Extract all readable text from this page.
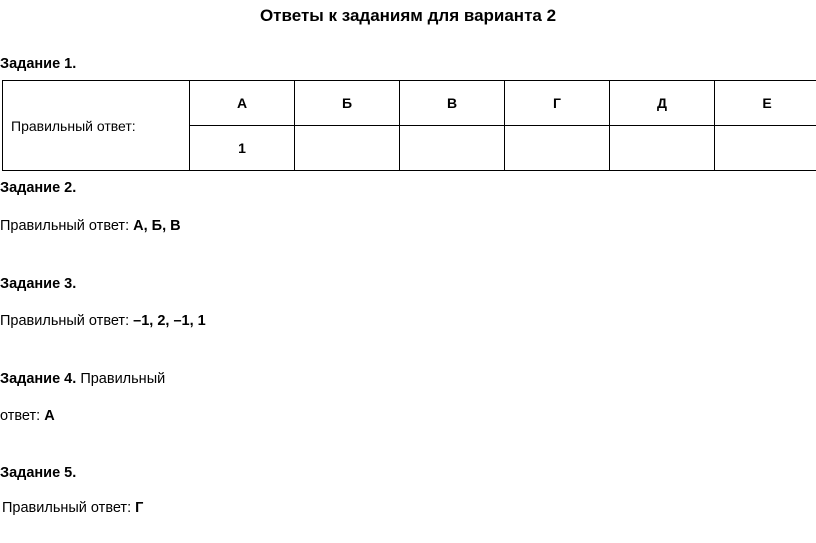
Ответы к заданиям для варианта 2
Задание 1.
Правильный ответ:	А	Б	В	Г	Д	Е
	1					
Задание 2.
Правильный ответ: А, Б, В
Задание 3.
Правильный ответ: –1, 2, –1, 1
Задание 4. Правильный
ответ: А
Задание 5.
Правильный ответ: Г
